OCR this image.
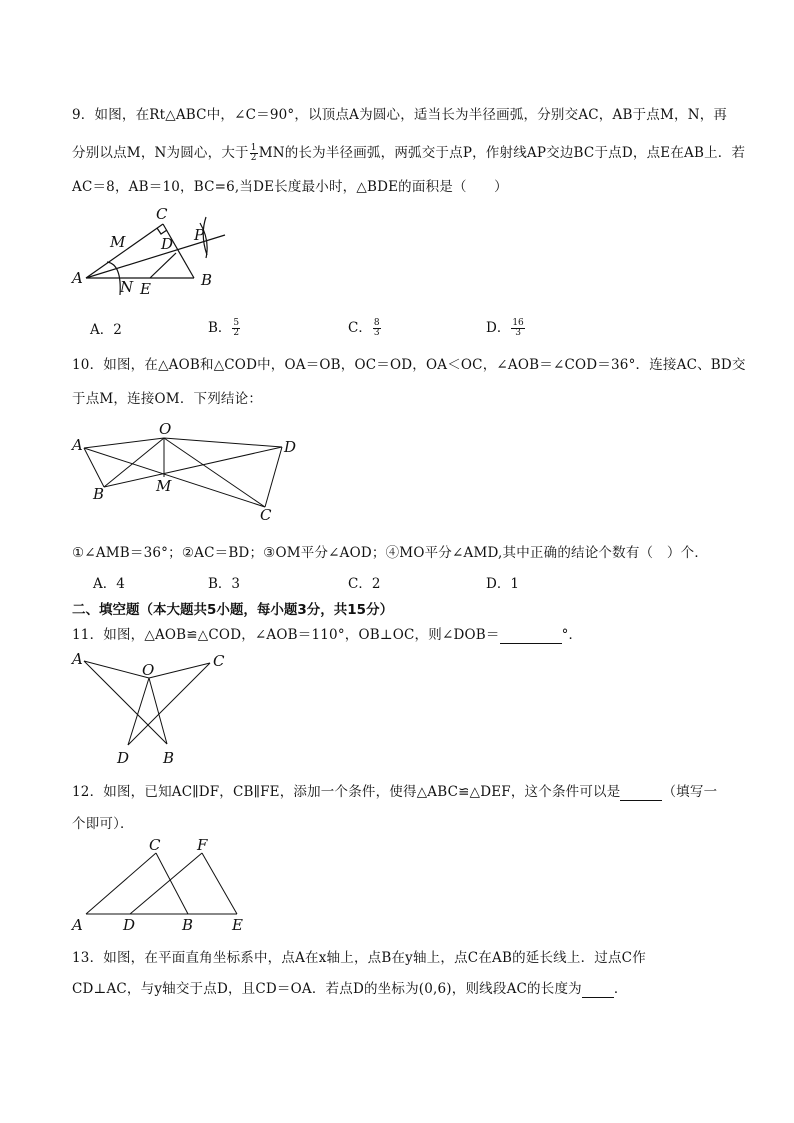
9．如图，在Rt△ABC中，∠C＝90°，以顶点A为圆心，适当长为半径画弧，分别交AC，AB于点M，N，再
分别以点M，N为圆心，大于 $\frac{1}{2}$ MN的长为半径画弧，两弧交于点P，作射线AP交边BC于点D，点E在AB上．若
AC＝8，AB＝10，BC=6,当DE长度最小时，△BDE的面积是（　　）
C
M D P
A N E	B
A．2	B． $\frac{5}{2}$	C． $\frac{8}{3}$	D． $\frac{16}{3}$
10．如图，在△AOB和△COD中，OA＝OB，OC＝OD，OA＜OC，∠AOB＝∠COD＝36°．连接AC、BD交
于点M，连接OM．下列结论：
A
O
D
B	M
C
①∠AMB＝36°；②AC＝BD；③OM平分∠AOD；④MO平分∠AMD,其中正确的结论个数有（　）个．
A．4	B．3	C．2	D．1
二、填空题（本大题共5小题，每小题3分，共15分）
11．如图，△AOB≌△COD，∠AOB＝110°，OB⊥OC，则∠DOB＝	°．
A
O	C
D B
12．如图，已知AC∥DF，CB∥FE，添加一个条件，使得△ABC≌△DEF，这个条件可以是	（填写一
个即可）．
C F
A	D	B	E
13．如图，在平面直角坐标系中，点A在x轴上，点B在y轴上，点C在AB的延长线上．过点C作
CD⊥AC，与y轴交于点D，且CD＝OA．若点D的坐标为(0,6)，则线段AC的长度为 ．
